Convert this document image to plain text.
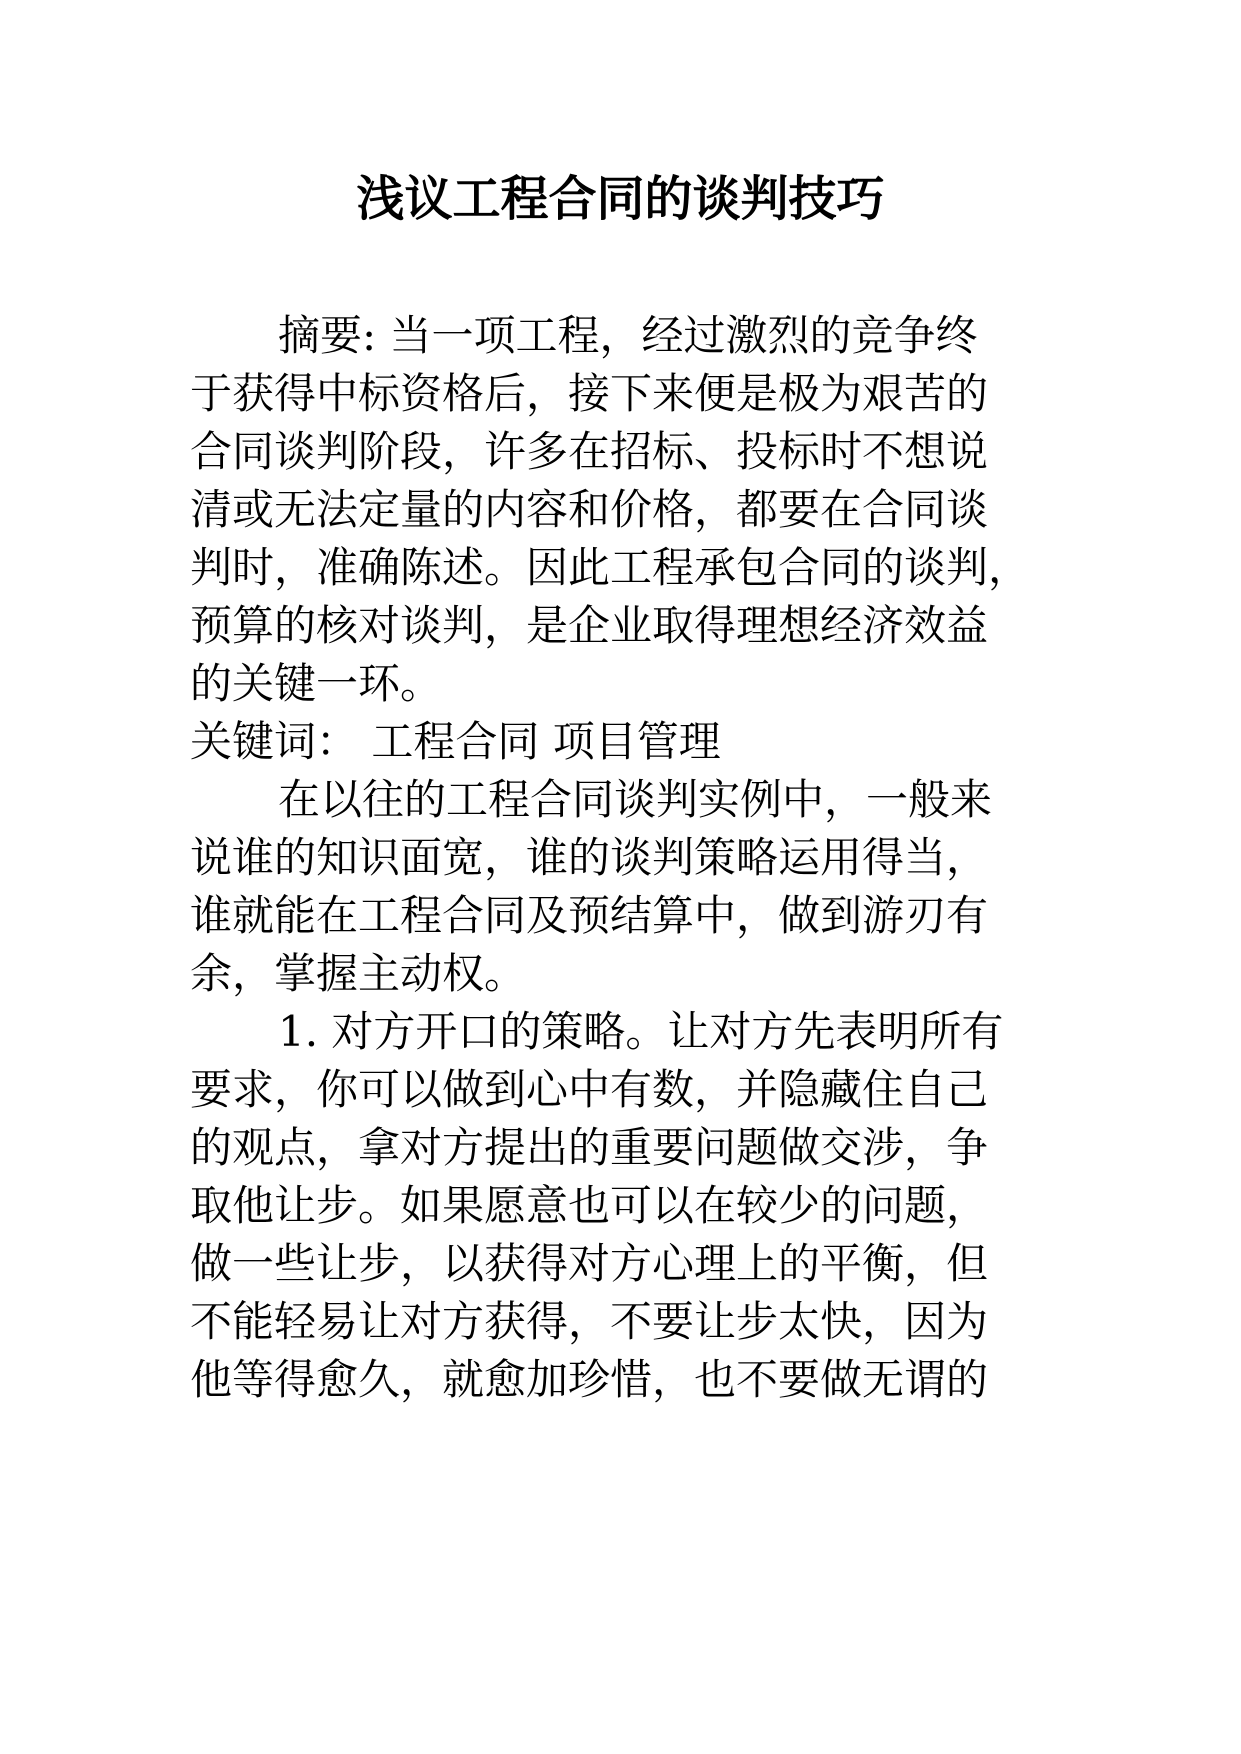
浅议工程合同的谈判技巧
摘要: 当一项工程，经过激烈的竞争终
于获得中标资格后，接下来便是极为艰苦的
合同谈判阶段，许多在招标、投标时不想说
清或无法定量的内容和价格，都要在合同谈
判时，准确陈述。因此工程承包合同的谈判，
预算的核对谈判，是企业取得理想经济效益
的关键一环。
关键词： 工程合同 项目管理
在以往的工程合同谈判实例中，一般来
说谁的知识面宽，谁的谈判策略运用得当，
谁就能在工程合同及预结算中，做到游刃有
余，掌握主动权。
1. 对方开口的策略。让对方先表明所有
要求，你可以做到心中有数，并隐藏住自己
的观点，拿对方提出的重要问题做交涉，争
取他让步。如果愿意也可以在较少的问题，
做一些让步，以获得对方心理上的平衡，但
不能轻易让对方获得，不要让步太快，因为
他等得愈久，就愈加珍惜，也不要做无谓的
